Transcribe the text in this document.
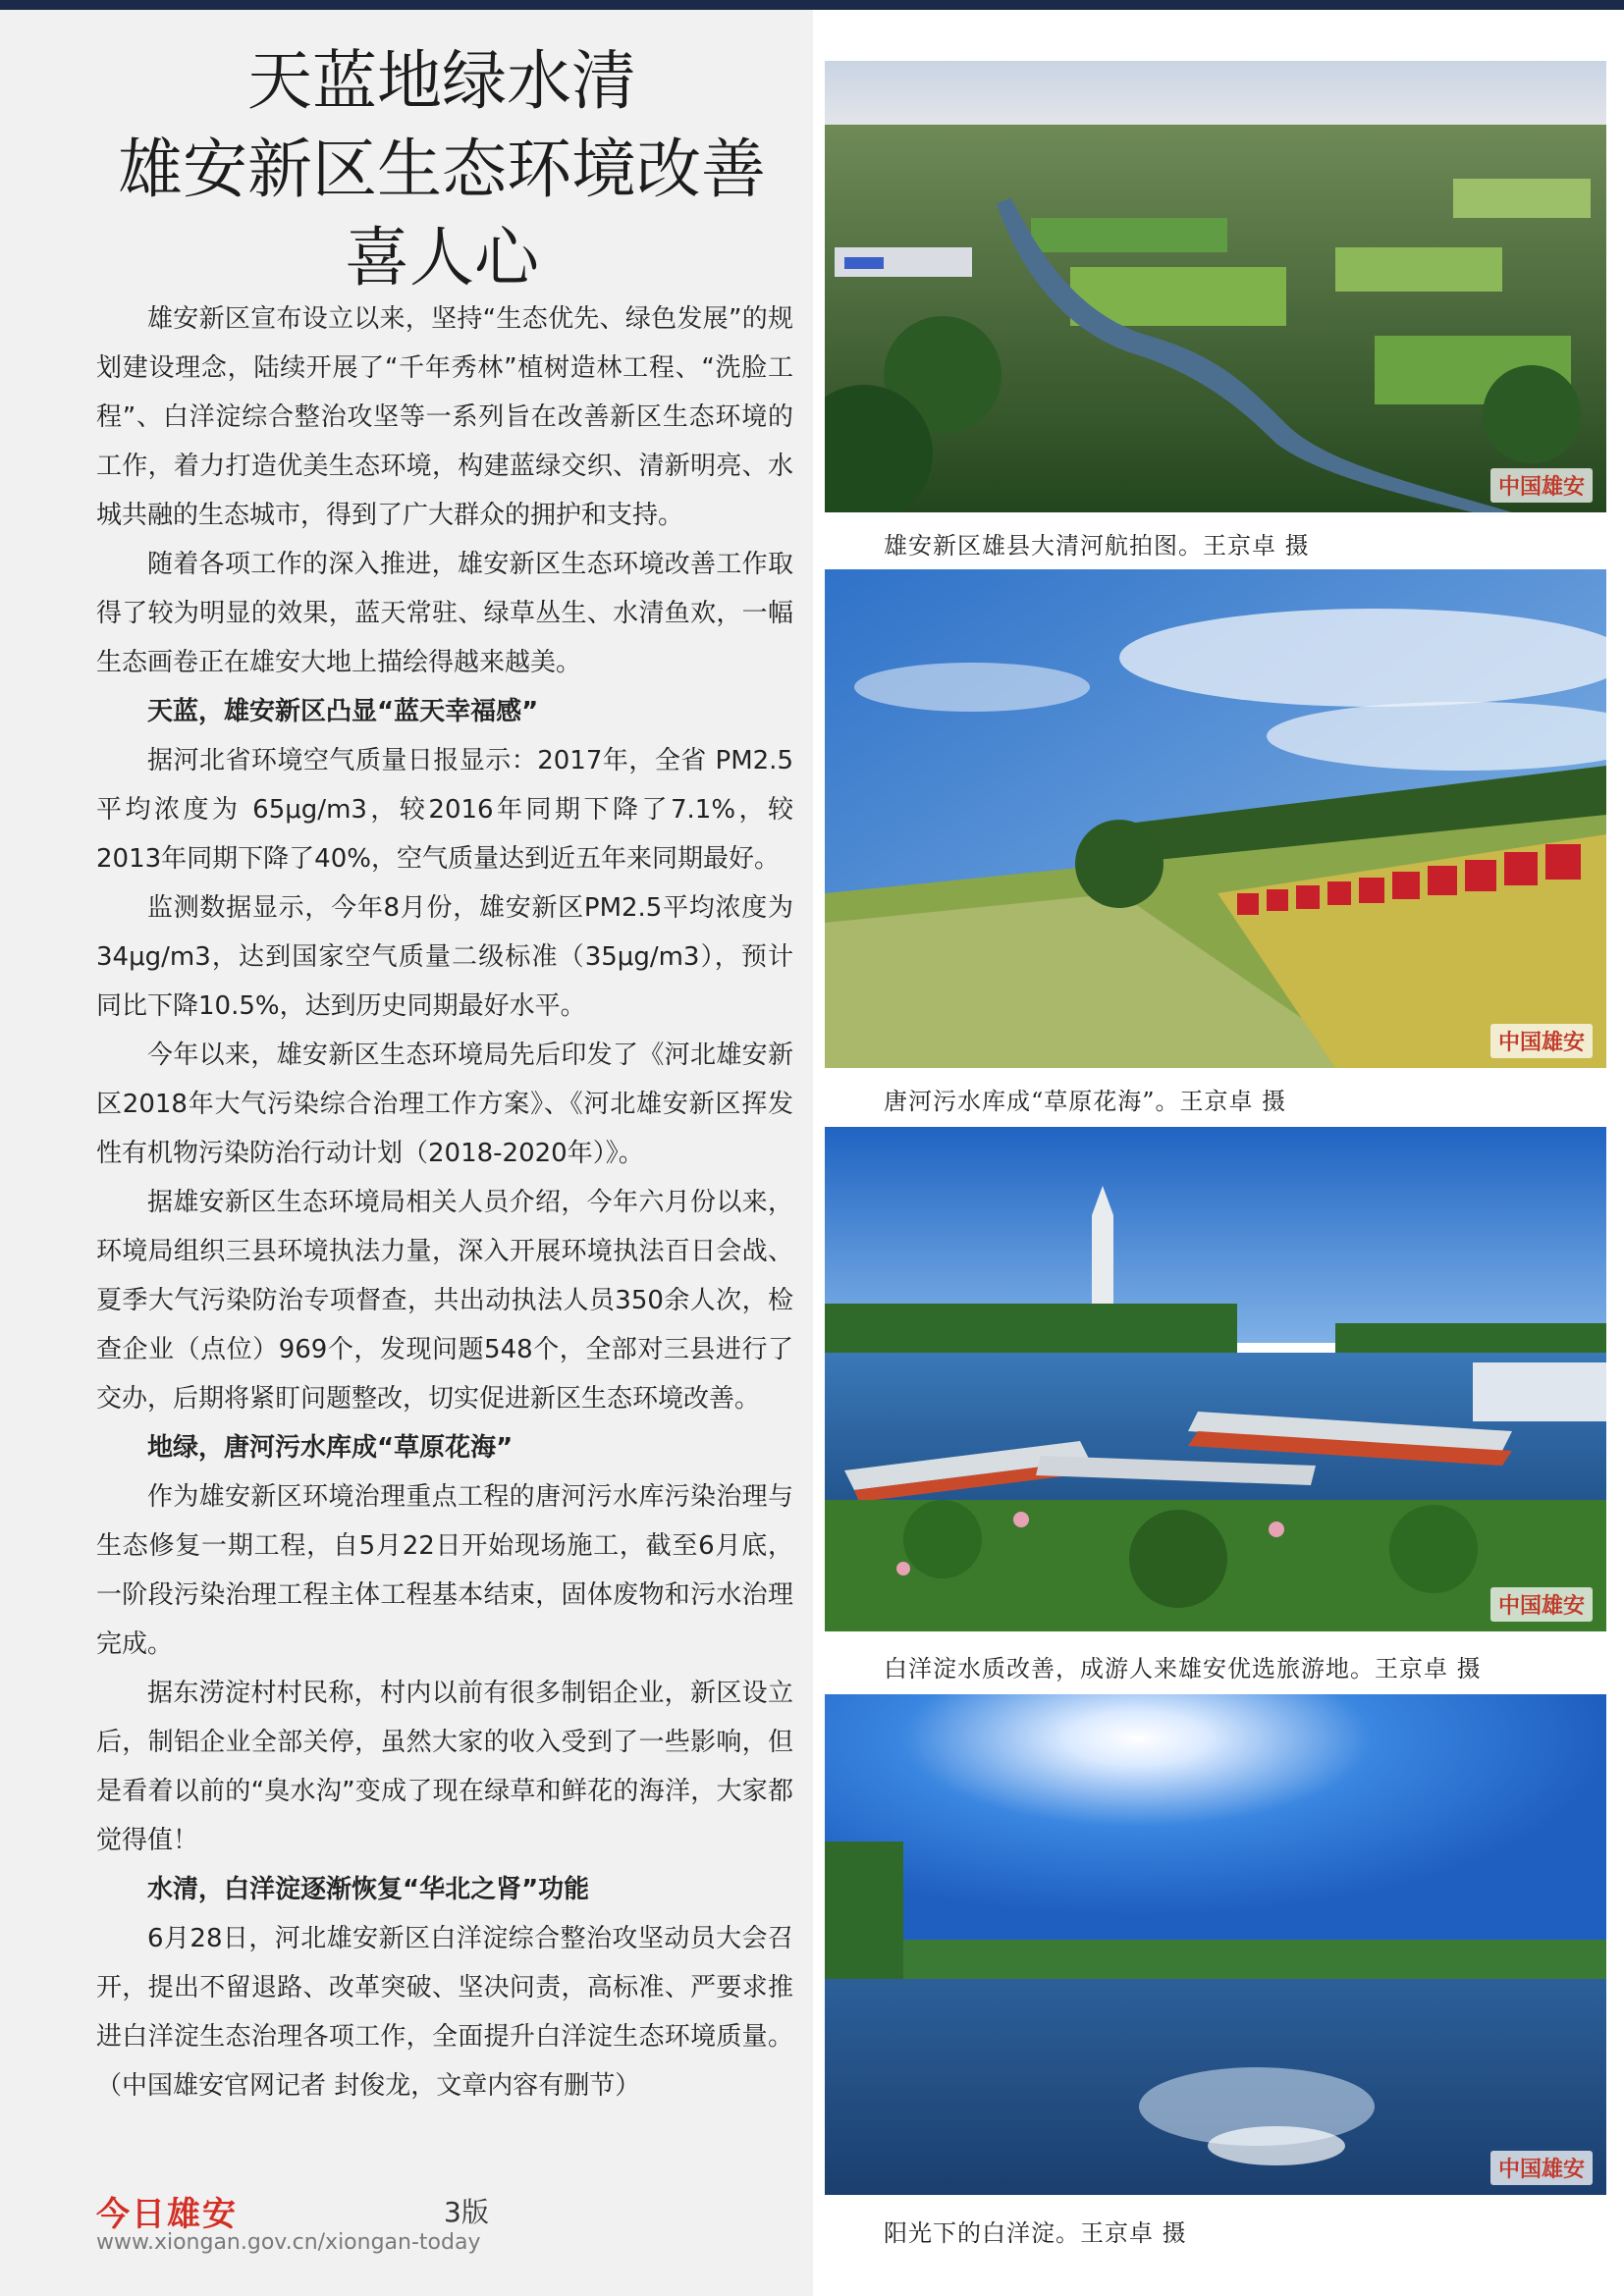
天蓝地绿水清
雄安新区生态环境改善
喜人心

雄安新区宣布设立以来，坚持“生态优先、绿色发展”的规划建设理念，陆续开展了“千年秀林”植树造林工程、“洗脸工程”、白洋淀综合整治攻坚等一系列旨在改善新区生态环境的工作，着力打造优美生态环境，构建蓝绿交织、清新明亮、水城共融的生态城市，得到了广大群众的拥护和支持。

随着各项工作的深入推进，雄安新区生态环境改善工作取得了较为明显的效果，蓝天常驻、绿草丛生、水清鱼欢，一幅生态画卷正在雄安大地上描绘得越来越美。

天蓝，雄安新区凸显“蓝天幸福感”

据河北省环境空气质量日报显示：2017年，全省 PM2.5平均浓度为 65μg/m3，较2016年同期下降了7.1%，较2013年同期下降了40%，空气质量达到近五年来同期最好。

监测数据显示，今年8月份，雄安新区PM2.5平均浓度为34μg/m3，达到国家空气质量二级标准（35μg/m3），预计同比下降10.5%，达到历史同期最好水平。

今年以来，雄安新区生态环境局先后印发了《河北雄安新区2018年大气污染综合治理工作方案》、《河北雄安新区挥发性有机物污染防治行动计划（2018-2020年）》。

据雄安新区生态环境局相关人员介绍，今年六月份以来，环境局组织三县环境执法力量，深入开展环境执法百日会战、夏季大气污染防治专项督查，共出动执法人员350余人次，检查企业（点位）969个，发现问题548个，全部对三县进行了交办，后期将紧盯问题整改，切实促进新区生态环境改善。

地绿，唐河污水库成“草原花海”

作为雄安新区环境治理重点工程的唐河污水库污染治理与生态修复一期工程，自5月22日开始现场施工，截至6月底，一阶段污染治理工程主体工程基本结束，固体废物和污水治理完成。

据东涝淀村村民称，村内以前有很多制铝企业，新区设立后，制铝企业全部关停，虽然大家的收入受到了一些影响，但是看着以前的“臭水沟”变成了现在绿草和鲜花的海洋，大家都觉得值！

水清，白洋淀逐渐恢复“华北之肾”功能

6月28日，河北雄安新区白洋淀综合整治攻坚动员大会召开，提出不留退路、改革突破、坚决问责，高标准、严要求推进白洋淀生态治理各项工作，全面提升白洋淀生态环境质量。（中国雄安官网记者 封俊龙，文章内容有删节）

今日雄安	3版
www.xiongan.gov.cn/xiongan-today
中国雄安
雄安新区雄县大清河航拍图。王京卓 摄
中国雄安
唐河污水库成“草原花海”。王京卓 摄
中国雄安
白洋淀水质改善，成游人来雄安优选旅游地。王京卓 摄
中国雄安
阳光下的白洋淀。王京卓 摄
